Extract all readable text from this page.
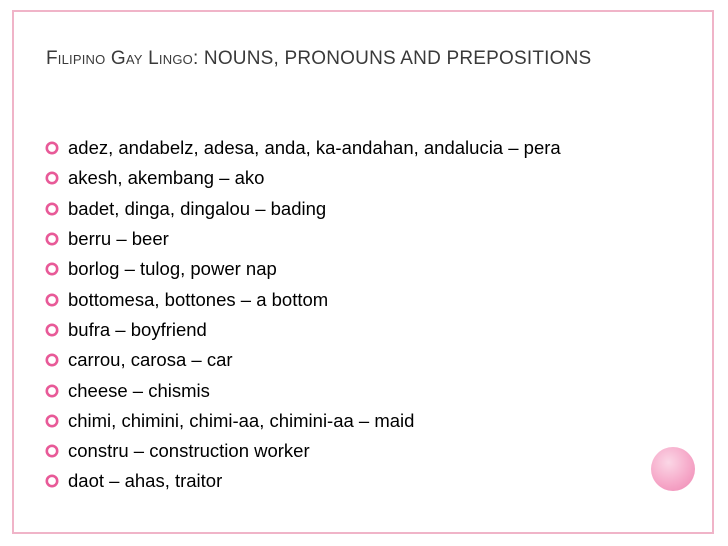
Filipino Gay Lingo: NOUNS, PRONOUNS AND PREPOSITIONS
adez, andabelz, adesa, anda, ka-andahan, andalucia – pera
akesh, akembang – ako
badet, dinga, dingalou – bading
berru – beer
borlog – tulog, power nap
bottomesa, bottones – a bottom
bufra – boyfriend
carrou, carosa – car
cheese – chismis
chimi, chimini, chimi-aa, chimini-aa – maid
constru – construction worker
daot – ahas, traitor
